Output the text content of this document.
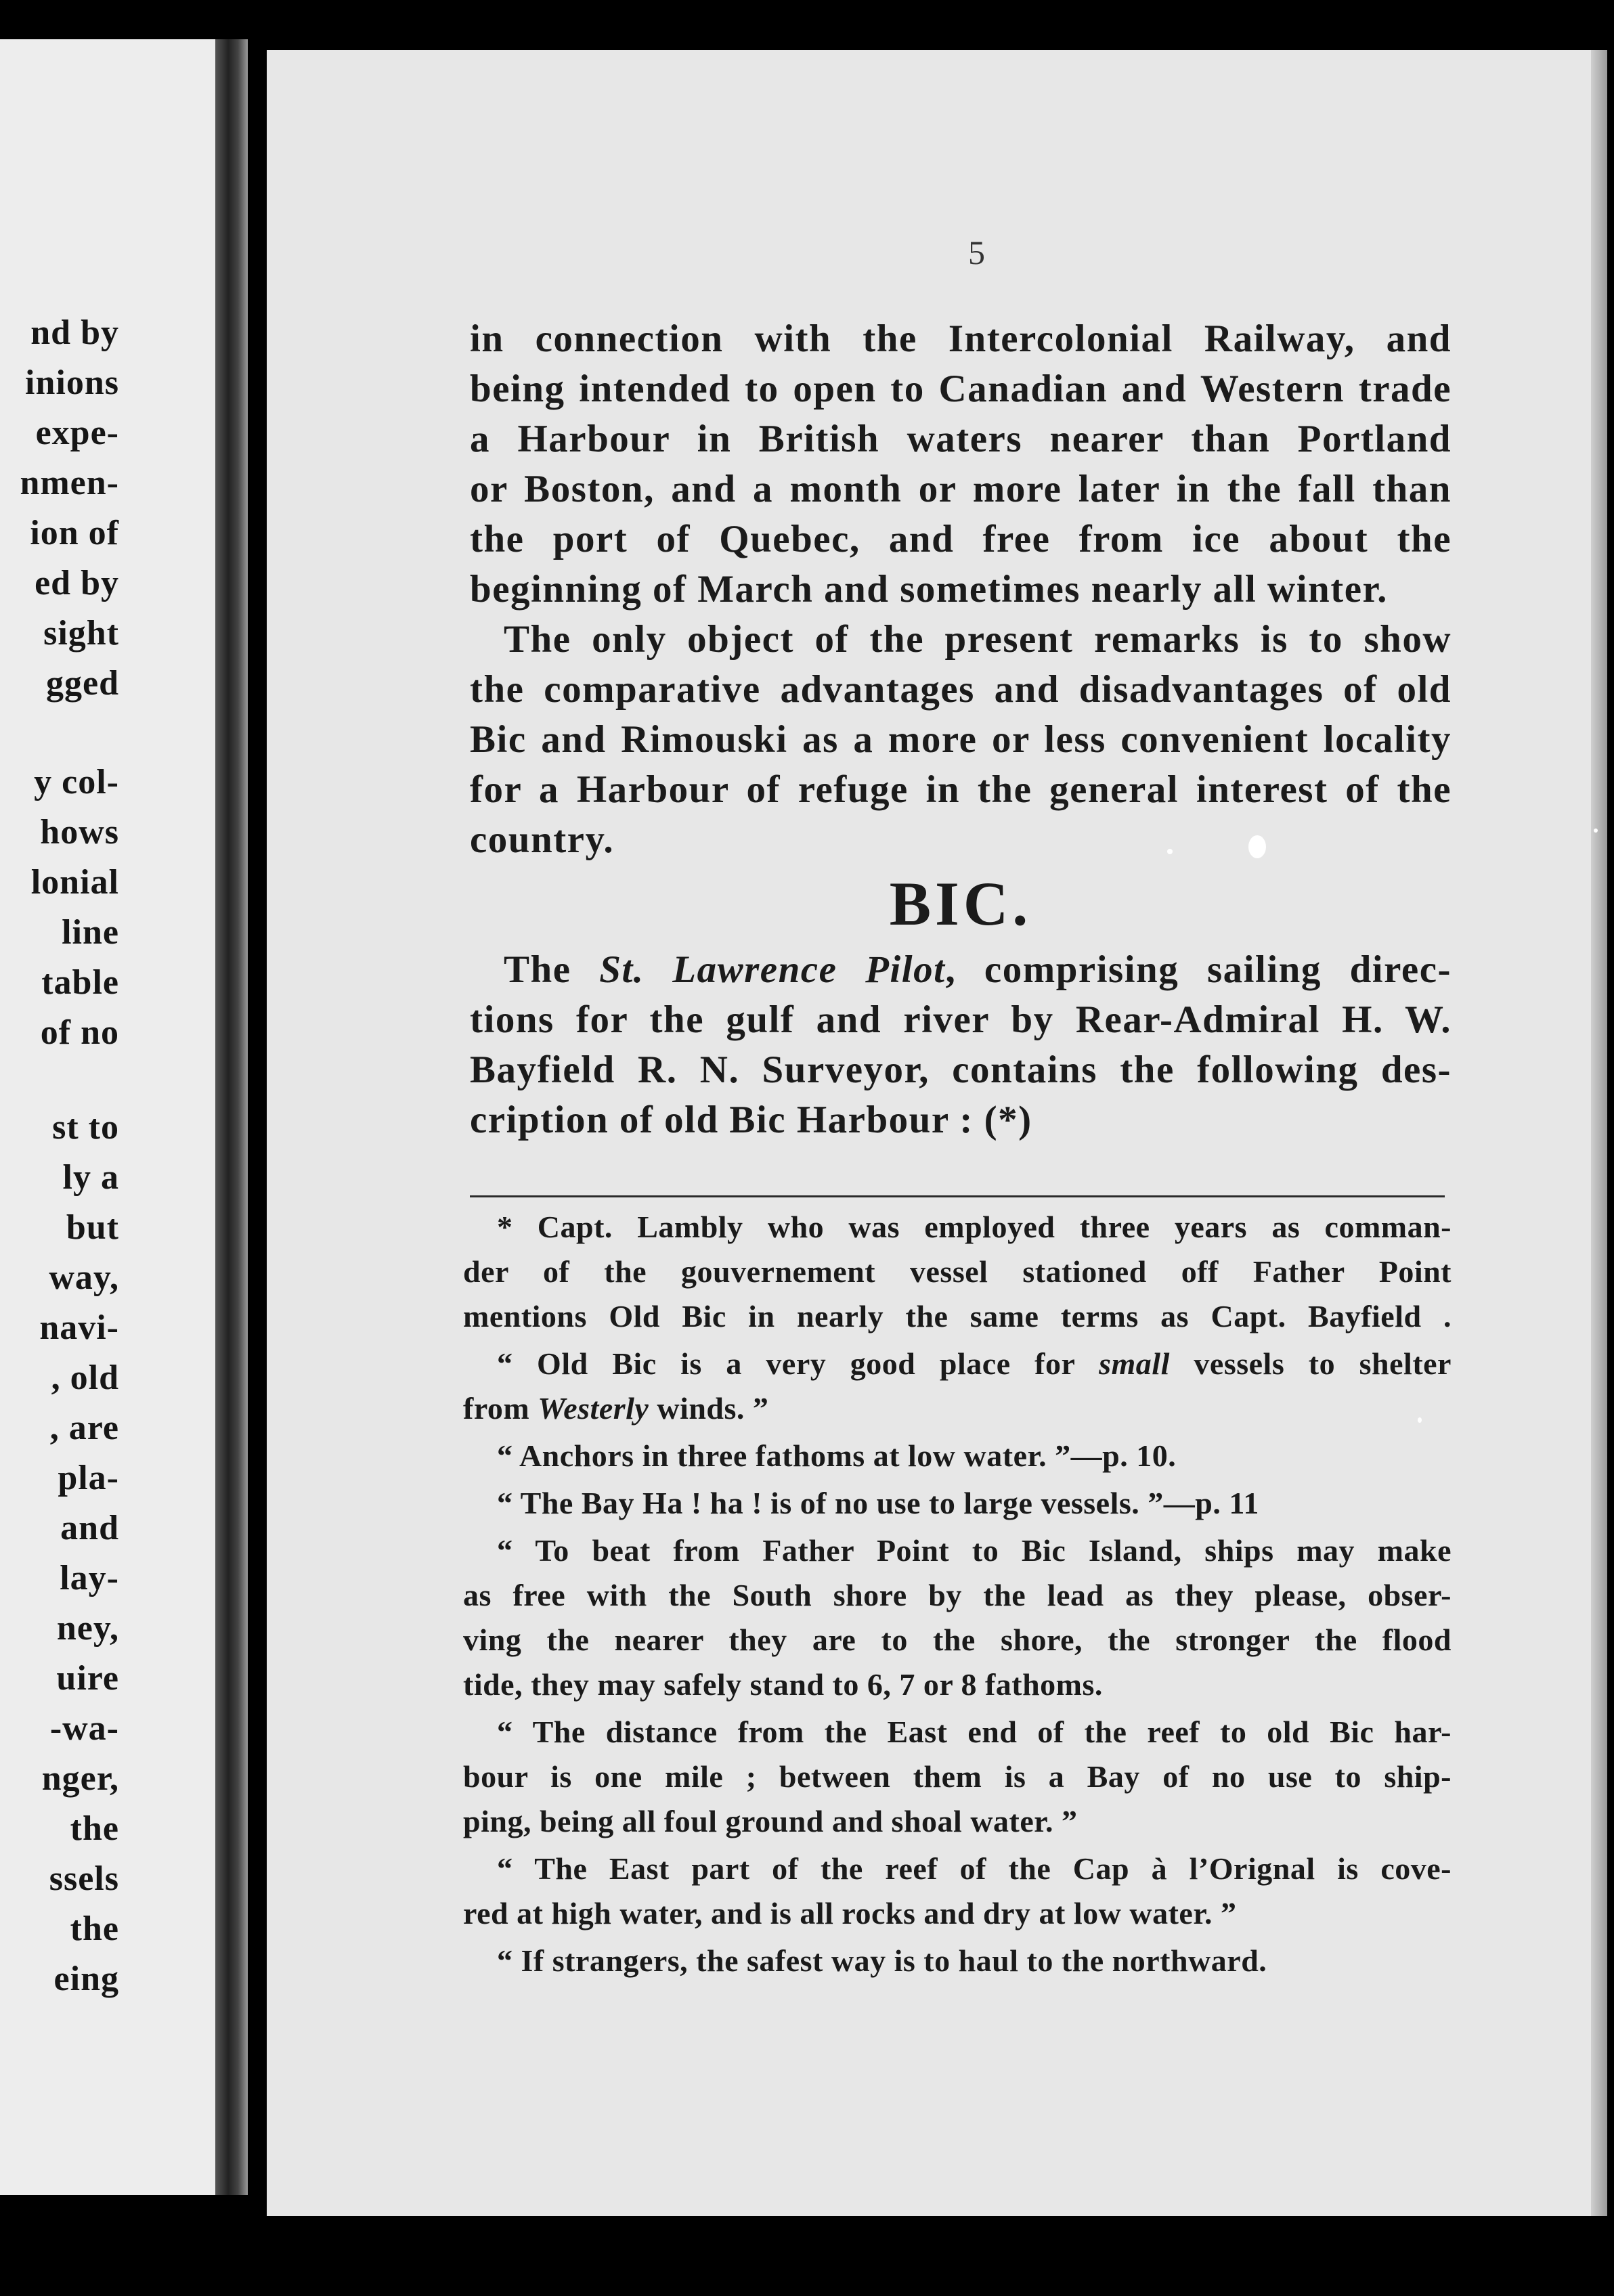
nd by
inions
expe-
nmen-
ion of
ed by
sight
gged
y col-
hows
lonial
line
table
of no
st to
ly a
but
way,
navi-
, old
, are
pla-
and
lay-
ney,
uire
-wa-
nger,
the
ssels
the
eing
5
in connection with the Intercolonial Railway, and
being intended to open to Canadian and Western trade
a Harbour in British waters nearer than Portland
or Boston, and a month or more later in the fall than
the port of Quebec, and free from ice about the
beginning of March and sometimes nearly all winter.
The only object of the present remarks is to show
the comparative advantages and disadvantages of old
Bic and Rimouski as a more or less convenient locality
for a Harbour of refuge in the general interest of the
country.
BIC.
The St. Lawrence Pilot, comprising sailing direc-
tions for the gulf and river by Rear-Admiral H. W.
Bayfield R. N. Surveyor, contains the following des-
cription of old Bic Harbour : (*)
* Capt. Lambly who was employed three years as comman-
der of the gouvernement vessel stationed off Father Point
mentions Old Bic in nearly the same terms as Capt. Bayfield .
“ Old Bic is a very good place for small vessels to shelter
from Westerly winds. ”
“ Anchors in three fathoms at low water. ”—p. 10.
“ The Bay Ha ! ha ! is of no use to large vessels. ”—p. 11
“ To beat from Father Point to Bic Island, ships may make
as free with the South shore by the lead as they please, obser-
ving the nearer they are to the shore, the stronger the flood
tide, they may safely stand to 6, 7 or 8 fathoms.
“ The distance from the East end of the reef to old Bic har-
bour is one mile ; between them is a Bay of no use to ship-
ping, being all foul ground and shoal water. ”
“ The East part of the reef of the Cap à l’Orignal is cove-
red at high water, and is all rocks and dry at low water. ”
“ If strangers, the safest way is to haul to the northward.
